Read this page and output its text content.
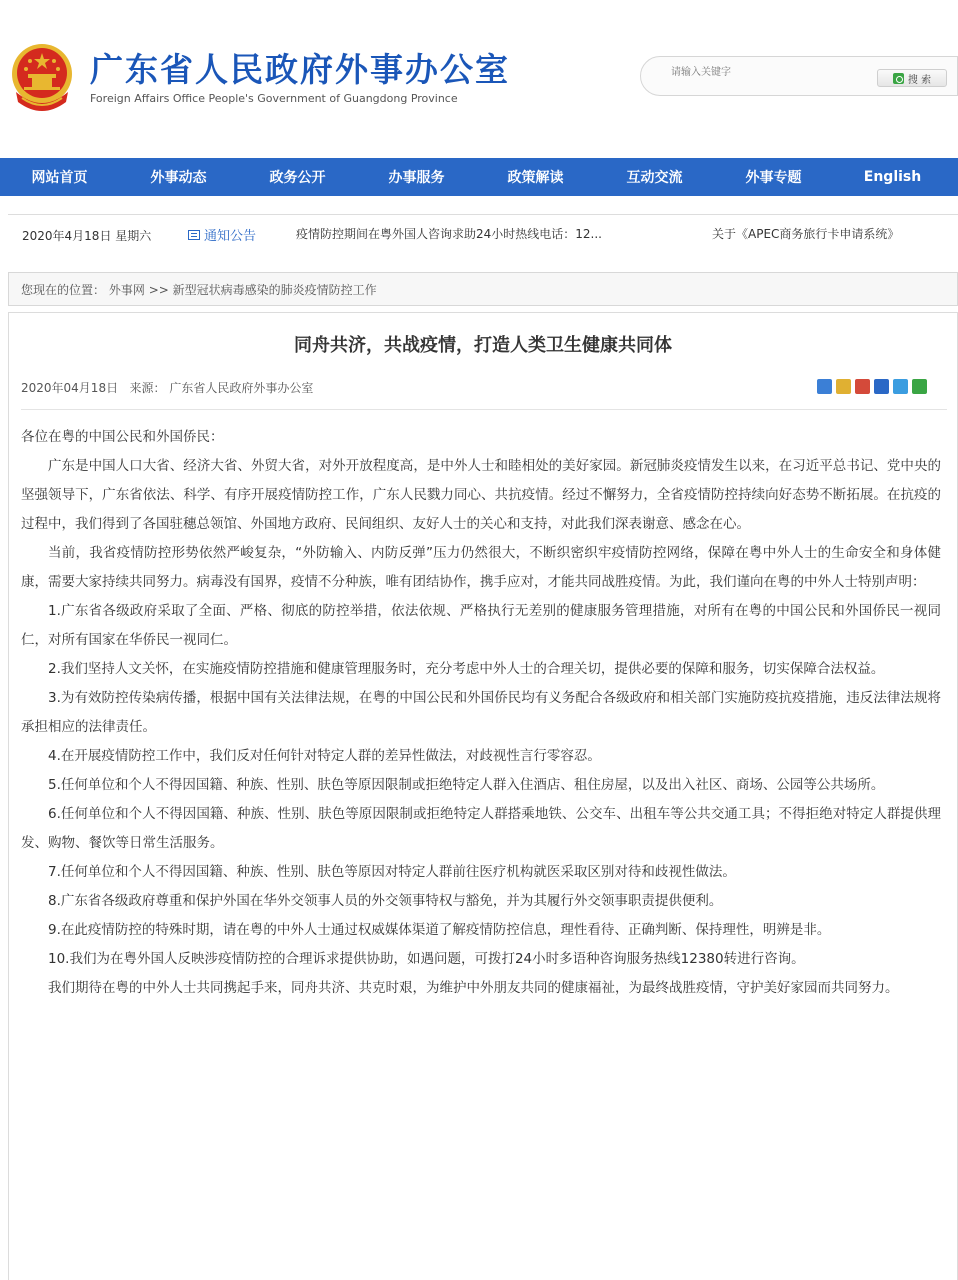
广东省人民政府外事办公室
Foreign Affairs Office People's Government of Guangdong Province
请输入关键字
搜 索
网站首页	外事动态	政务公开	办事服务	政策解读	互动交流	外事专题	English
2020年4月18日 星期六	通知公告	疫情防控期间在粤外国人咨询求助24小时热线电话：12...	关于《APEC商务旅行卡申请系统》
您现在的位置： 外事网 >> 新型冠状病毒感染的肺炎疫情防控工作
同舟共济，共战疫情，打造人类卫生健康共同体
2020年04月18日 来源： 广东省人民政府外事办公室

各位在粤的中国公民和外国侨民：

广东是中国人口大省、经济大省、外贸大省，对外开放程度高，是中外人士和睦相处的美好家园。新冠肺炎疫情发生以来，在习近平总书记、党中央的坚强领导下，广东省依法、科学、有序开展疫情防控工作，广东人民戮力同心、共抗疫情。经过不懈努力，全省疫情防控持续向好态势不断拓展。在抗疫的过程中，我们得到了各国驻穗总领馆、外国地方政府、民间组织、友好人士的关心和支持，对此我们深表谢意、感念在心。

当前，我省疫情防控形势依然严峻复杂，“外防输入、内防反弹”压力仍然很大，不断织密织牢疫情防控网络，保障在粤中外人士的生命安全和身体健康，需要大家持续共同努力。病毒没有国界，疫情不分种族，唯有团结协作，携手应对，才能共同战胜疫情。为此，我们谨向在粤的中外人士特别声明：

1.广东省各级政府采取了全面、严格、彻底的防控举措，依法依规、严格执行无差别的健康服务管理措施，对所有在粤的中国公民和外国侨民一视同仁，对所有国家在华侨民一视同仁。

2.我们坚持人文关怀，在实施疫情防控措施和健康管理服务时，充分考虑中外人士的合理关切，提供必要的保障和服务，切实保障合法权益。

3.为有效防控传染病传播，根据中国有关法律法规，在粤的中国公民和外国侨民均有义务配合各级政府和相关部门实施防疫抗疫措施，违反法律法规将承担相应的法律责任。

4.在开展疫情防控工作中，我们反对任何针对特定人群的差异性做法，对歧视性言行零容忍。

5.任何单位和个人不得因国籍、种族、性别、肤色等原因限制或拒绝特定人群入住酒店、租住房屋，以及出入社区、商场、公园等公共场所。

6.任何单位和个人不得因国籍、种族、性别、肤色等原因限制或拒绝特定人群搭乘地铁、公交车、出租车等公共交通工具；不得拒绝对特定人群提供理发、购物、餐饮等日常生活服务。

7.任何单位和个人不得因国籍、种族、性别、肤色等原因对特定人群前往医疗机构就医采取区别对待和歧视性做法。

8.广东省各级政府尊重和保护外国在华外交领事人员的外交领事特权与豁免，并为其履行外交领事职责提供便利。

9.在此疫情防控的特殊时期，请在粤的中外人士通过权威媒体渠道了解疫情防控信息，理性看待、正确判断、保持理性，明辨是非。

10.我们为在粤外国人反映涉疫情防控的合理诉求提供协助，如遇问题，可拨打24小时多语种咨询服务热线12380转进行咨询。

我们期待在粤的中外人士共同携起手来，同舟共济、共克时艰，为维护中外朋友共同的健康福祉，为最终战胜疫情，守护美好家园而共同努力。
